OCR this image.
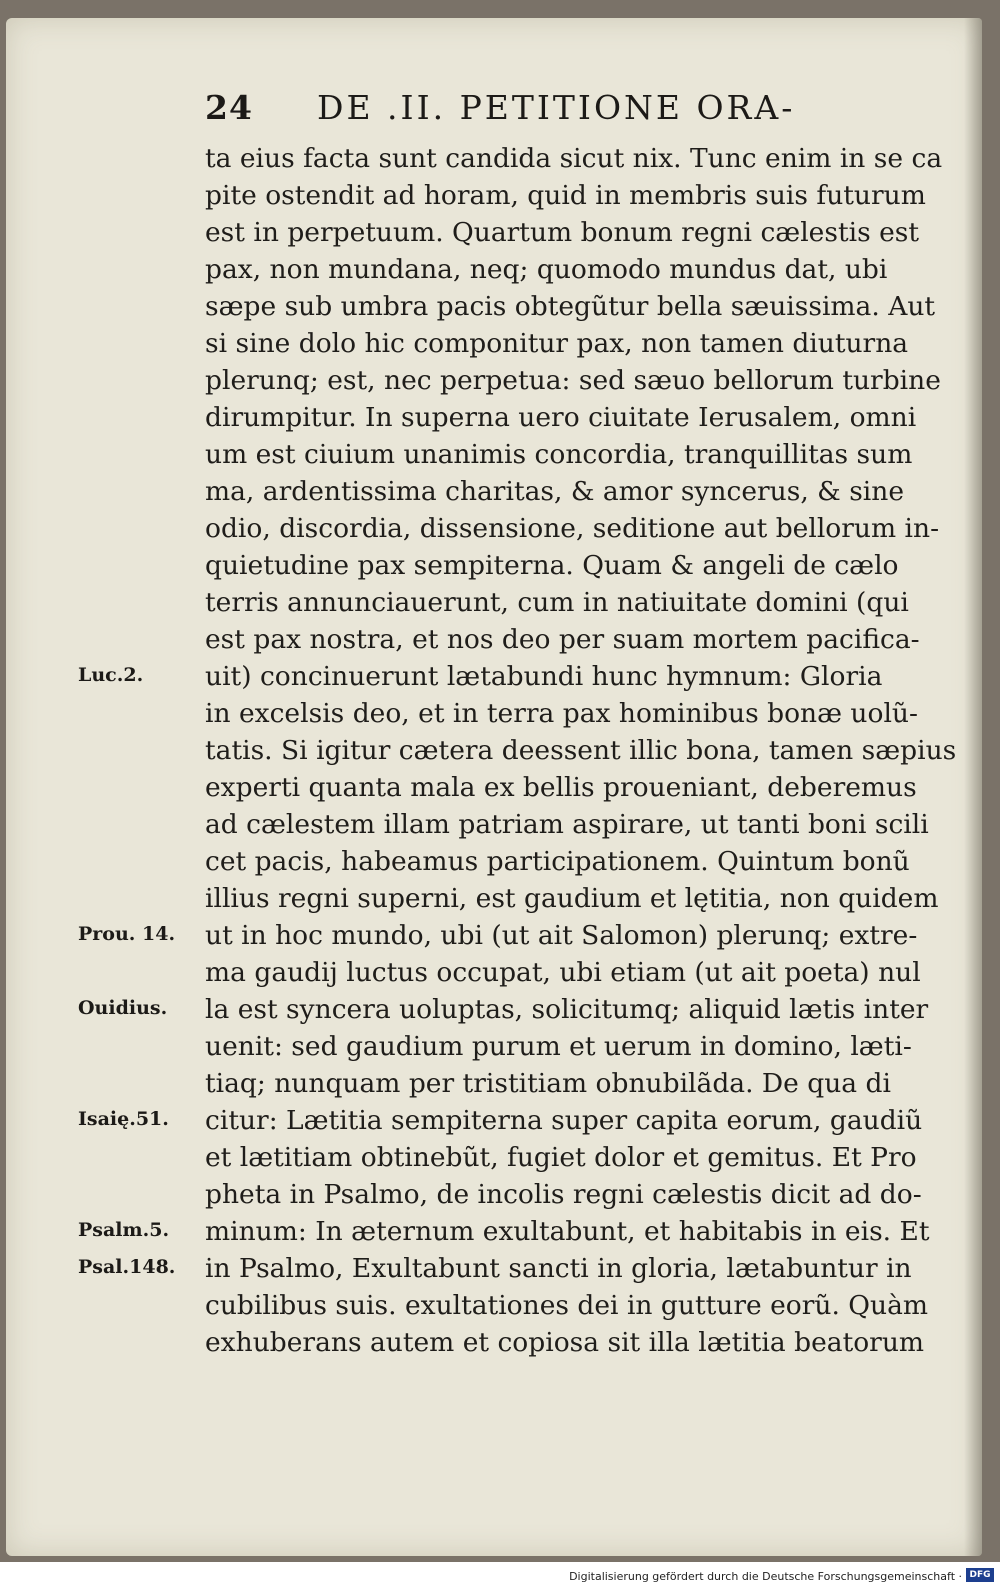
24 DE .II. PETITIONE ORA-
ta eius facta sunt candida sicut nix. Tunc enim in se ca
pite ostendit ad horam, quid in membris suis futurum
est in perpetuum. Quartum bonum regni cælestis est
pax, non mundana, neq; quomodo mundus dat, ubi
sæpe sub umbra pacis obtegũtur bella sæuissima. Aut
si sine dolo hic componitur pax, non tamen diuturna
plerunq; est, nec perpetua: sed sæuo bellorum turbine
dirumpitur. In superna uero ciuitate Ierusalem, omni
um est ciuium unanimis concordia, tranquillitas sum
ma, ardentissima charitas, & amor syncerus, & sine
odio, discordia, dissensione, seditione aut bellorum in-
quietudine pax sempiterna. Quam & angeli de cælo
terris annunciauerunt, cum in natiuitate domini (qui
est pax nostra, et nos deo per suam mortem pacifica-
uit) concinuerunt lætabundi hunc hymnum: Gloria
in excelsis deo, et in terra pax hominibus bonæ uolũ-
tatis. Si igitur cætera deessent illic bona, tamen sæpius
experti quanta mala ex bellis proueniant, deberemus
ad cælestem illam patriam aspirare, ut tanti boni scili
cet pacis, habeamus participationem. Quintum bonũ
illius regni superni, est gaudium et lętitia, non quidem
ut in hoc mundo, ubi (ut ait Salomon) plerunq; extre-
ma gaudij luctus occupat, ubi etiam (ut ait poeta) nul
la est syncera uoluptas, solicitumq; aliquid lætis inter
uenit: sed gaudium purum et uerum in domino, læti-
tiaq; nunquam per tristitiam obnubilãda. De qua di
citur: Lætitia sempiterna super capita eorum, gaudiũ
et lætitiam obtinebũt, fugiet dolor et gemitus. Et Pro
pheta in Psalmo, de incolis regni cælestis dicit ad do-
minum: In æternum exultabunt, et habitabis in eis. Et
in Psalmo, Exultabunt sancti in gloria, lætabuntur in
cubilibus suis. exultationes dei in gutture eorũ. Quàm
exhuberans autem et copiosa sit illa lætitia beatorum
Luc.2.
Prou. 14.
Ouidius.
Isaię.51.
Psalm.5.
Psal.148.
Digitalisierung gefördert durch die Deutsche Forschungsgemeinschaft · DFG
